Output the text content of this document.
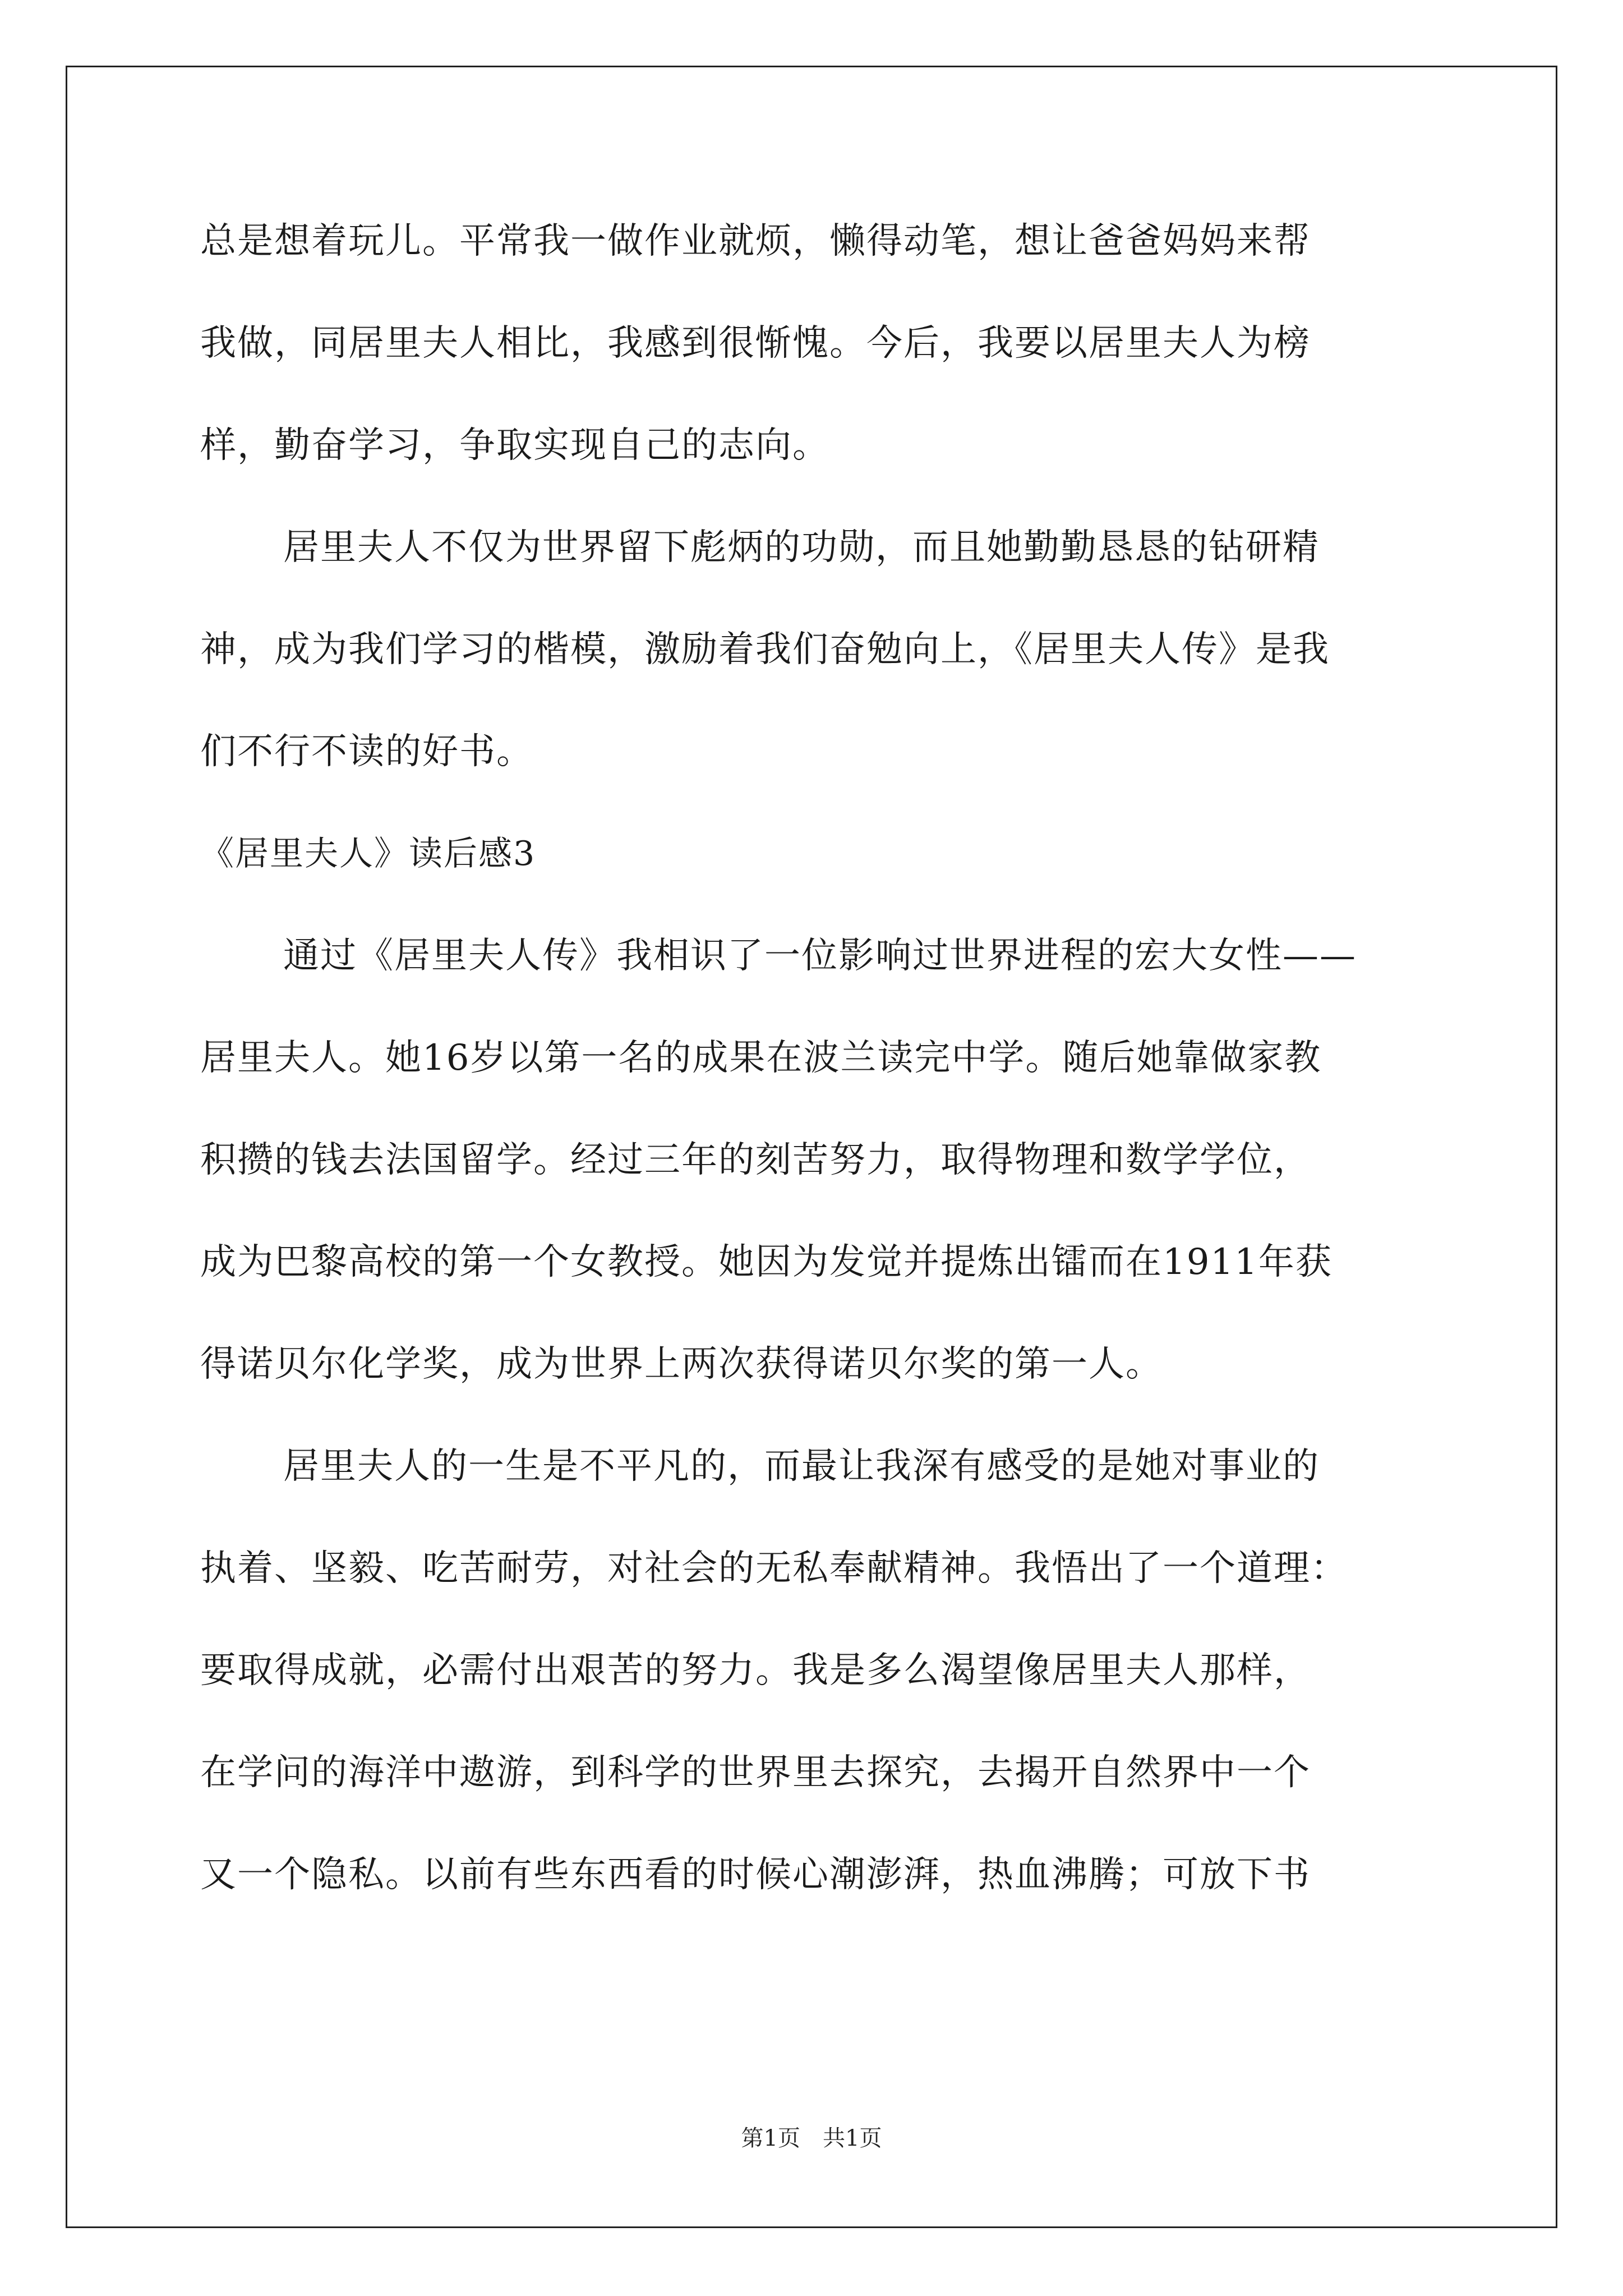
总是想着玩儿。平常我一做作业就烦，懒得动笔，想让爸爸妈妈来帮
我做，同居里夫人相比，我感到很惭愧。今后，我要以居里夫人为榜
样，勤奋学习，争取实现自己的志向。
居里夫人不仅为世界留下彪炳的功勋，而且她勤勤恳恳的钻研精
神，成为我们学习的楷模，激励着我们奋勉向上，《居里夫人传》是我
们不行不读的好书。
《居里夫人》读后感3
通过《居里夫人传》我相识了一位影响过世界进程的宏大女性——
居里夫人。她16岁以第一名的成果在波兰读完中学。随后她靠做家教
积攒的钱去法国留学。经过三年的刻苦努力，取得物理和数学学位，
成为巴黎高校的第一个女教授。她因为发觉并提炼出镭而在1911年获
得诺贝尔化学奖，成为世界上两次获得诺贝尔奖的第一人。
居里夫人的一生是不平凡的，而最让我深有感受的是她对事业的
执着、坚毅、吃苦耐劳，对社会的无私奉献精神。我悟出了一个道理：
要取得成就，必需付出艰苦的努力。我是多么渴望像居里夫人那样，
在学问的海洋中遨游，到科学的世界里去探究，去揭开自然界中一个
又一个隐私。以前有些东西看的时候心潮澎湃，热血沸腾；可放下书
第1页　共1页
